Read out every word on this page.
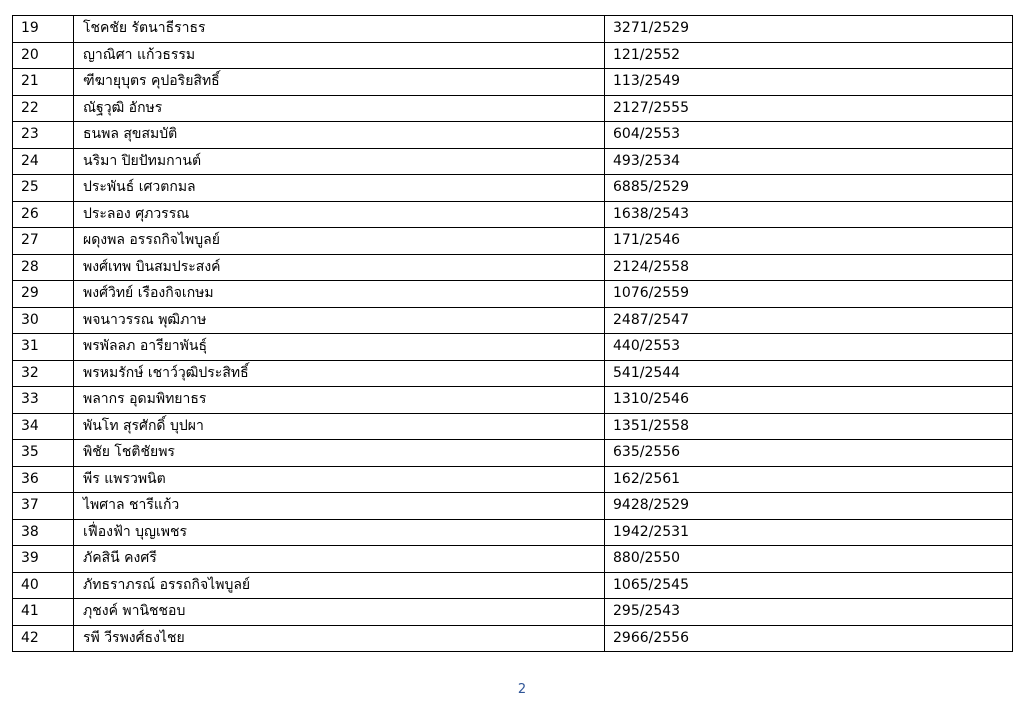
19	โชคชัย รัตนาธีราธร	3271/2529
20	ญาณิศา แก้วธรรม	121/2552
21	ฑีฆายุบุตร คุปอริยสิทธิ์	113/2549
22	ณัฐวุฒิ อักษร	2127/2555
23	ธนพล สุขสมบัติ	604/2553
24	นริมา ปิยปัทมกานต์	493/2534
25	ประพันธ์ เศวตกมล	6885/2529
26	ประลอง ศุภวรรณ	1638/2543
27	ผดุงพล อรรถกิจไพบูลย์	171/2546
28	พงศ์เทพ บินสมประสงค์	2124/2558
29	พงศ์วิทย์ เรืองกิจเกษม	1076/2559
30	พจนาวรรณ พุฒิภาษ	2487/2547
31	พรพัลลภ อารียาพันธุ์	440/2553
32	พรหมรักษ์ เชาว์วุฒิประสิทธิ์	541/2544
33	พลากร อุดมพิทยาธร	1310/2546
34	พันโท สุรศักดิ์ บุปผา	1351/2558
35	พิชัย โชติชัยพร	635/2556
36	พีร แพรวพนิต	162/2561
37	ไพศาล ชารีแก้ว	9428/2529
38	เฟื่องฟ้า บุญเพชร	1942/2531
39	ภัคสินี คงศรี	880/2550
40	ภัทธราภรณ์ อรรถกิจไพบูลย์	1065/2545
41	ภุชงค์ พานิชชอบ	295/2543
42	รพี วีรพงศ์ธงไชย	2966/2556
2
